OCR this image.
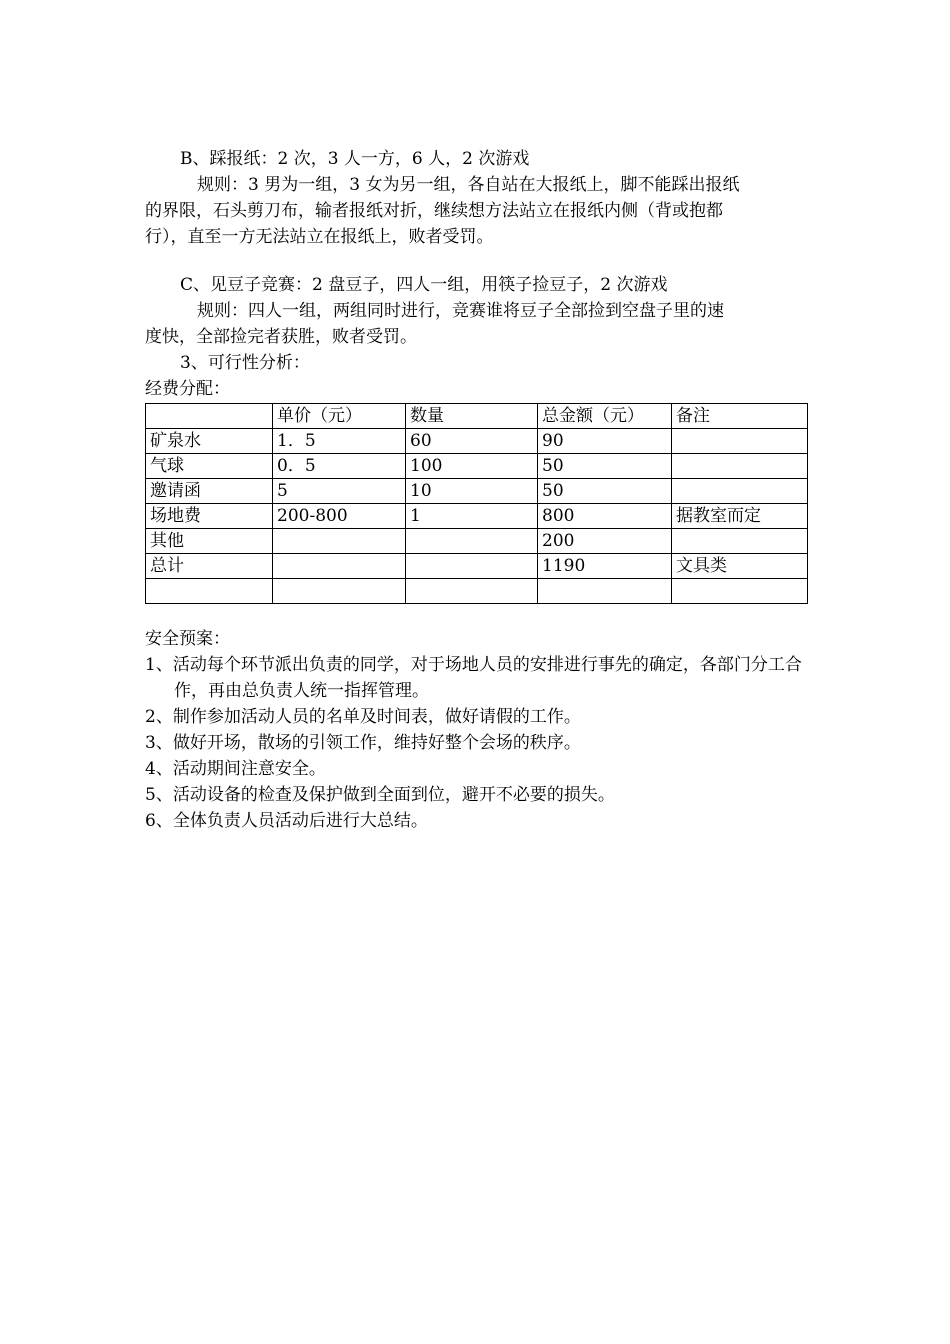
B、踩报纸：2 次，3 人一方，6 人，2 次游戏
规则：3 男为一组，3 女为另一组，各自站在大报纸上，脚不能踩出报纸
的界限，石头剪刀布，输者报纸对折，继续想方法站立在报纸内侧（背或抱都
行），直至一方无法站立在报纸上，败者受罚。
C、见豆子竞赛：2 盘豆子，四人一组，用筷子捡豆子，2 次游戏
规则：四人一组，两组同时进行，竞赛谁将豆子全部捡到空盘子里的速
度快，全部捡完者获胜，败者受罚。
3、可行性分析：
经费分配：
	单价（元）	数量	总金额（元）	备注
矿泉水	1．5	60	90	
气球	0．5	100	50	
邀请函	5	10	50	
场地费	200-800	1	800	据教室而定
其他			200	
总计			1190	文具类

安全预案：
1、活动每个环节派出负责的同学，对于场地人员的安排进行事先的确定，各部门分工合作，再由总负责人统一指挥管理。
2、制作参加活动人员的名单及时间表，做好请假的工作。
3、做好开场，散场的引领工作，维持好整个会场的秩序。
4、活动期间注意安全。
5、活动设备的检查及保护做到全面到位，避开不必要的损失。
6、全体负责人员活动后进行大总结。
